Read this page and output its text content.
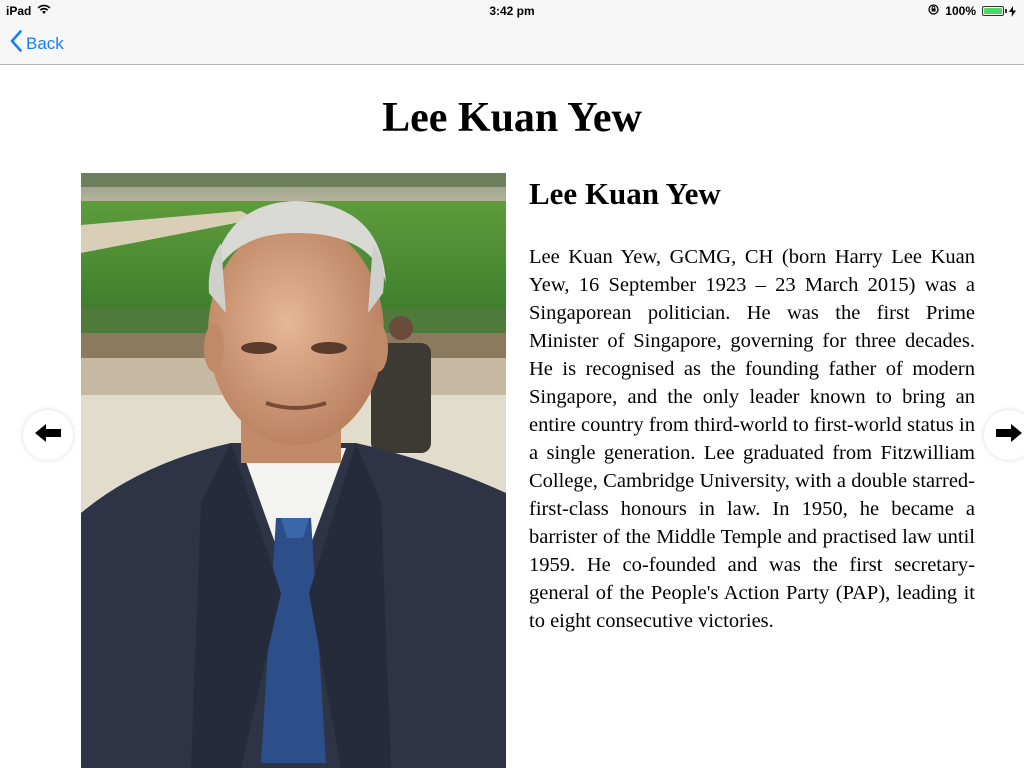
iPad	3:42 pm	100%
Back
Lee Kuan Yew
Lee Kuan Yew

Lee Kuan Yew, GCMG, CH (born Harry Lee Kuan Yew, 16 September 1923 – 23 March 2015) was a Singaporean politician. He was the first Prime Minister of Singapore, governing for three decades. He is recognised as the founding father of modern Singapore, and the only leader known to bring an entire country from third-world to first-world status in a single generation. Lee graduated from Fitzwilliam College, Cambridge University, with a double starred-first-class honours in law. In 1950, he became a barrister of the Middle Temple and practised law until 1959. He co-founded and was the first secretary-general of the People's Action Party (PAP), leading it to eight consecutive victories.
